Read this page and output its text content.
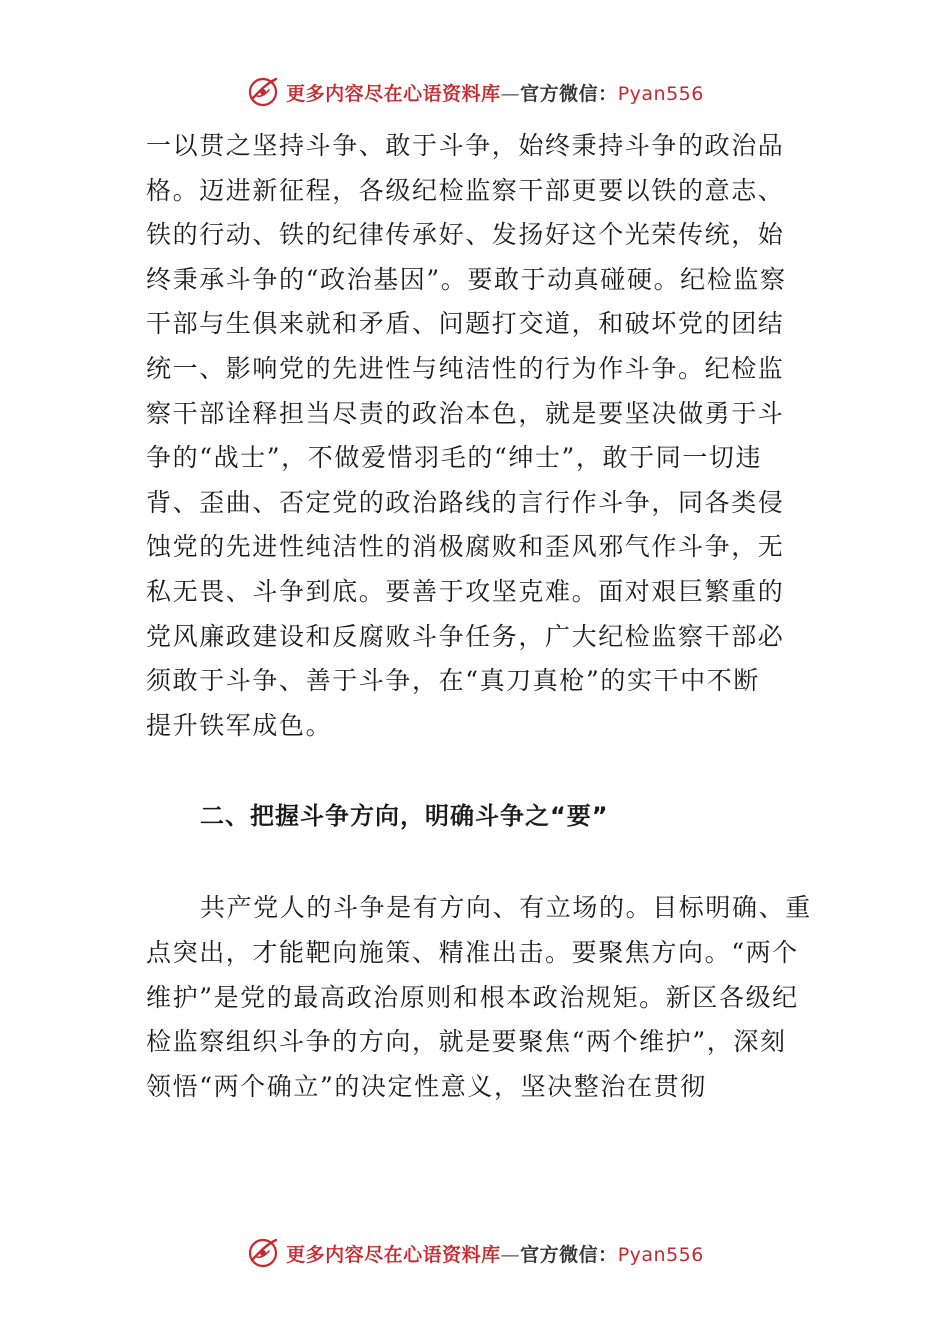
更多内容尽在心语资料库—官方微信：Pyan556
一以贯之坚持斗争、敢于斗争，始终秉持斗争的政治品
格。迈进新征程，各级纪检监察干部更要以铁的意志、
铁的行动、铁的纪律传承好、发扬好这个光荣传统，始
终秉承斗争的“政治基因”。要敢于动真碰硬。纪检监察
干部与生俱来就和矛盾、问题打交道，和破坏党的团结
统一、影响党的先进性与纯洁性的行为作斗争。纪检监
察干部诠释担当尽责的政治本色，就是要坚决做勇于斗
争的“战士”，不做爱惜羽毛的“绅士”，敢于同一切违
背、歪曲、否定党的政治路线的言行作斗争，同各类侵
蚀党的先进性纯洁性的消极腐败和歪风邪气作斗争，无
私无畏、斗争到底。要善于攻坚克难。面对艰巨繁重的
党风廉政建设和反腐败斗争任务，广大纪检监察干部必
须敢于斗争、善于斗争，在“真刀真枪”的实干中不断
提升铁军成色。
二、把握斗争方向，明确斗争之“要”
共产党人的斗争是有方向、有立场的。目标明确、重
点突出，才能靶向施策、精准出击。要聚焦方向。“两个
维护”是党的最高政治原则和根本政治规矩。新区各级纪
检监察组织斗争的方向，就是要聚焦“两个维护”，深刻
领悟“两个确立”的决定性意义，坚决整治在贯彻
更多内容尽在心语资料库—官方微信：Pyan556
